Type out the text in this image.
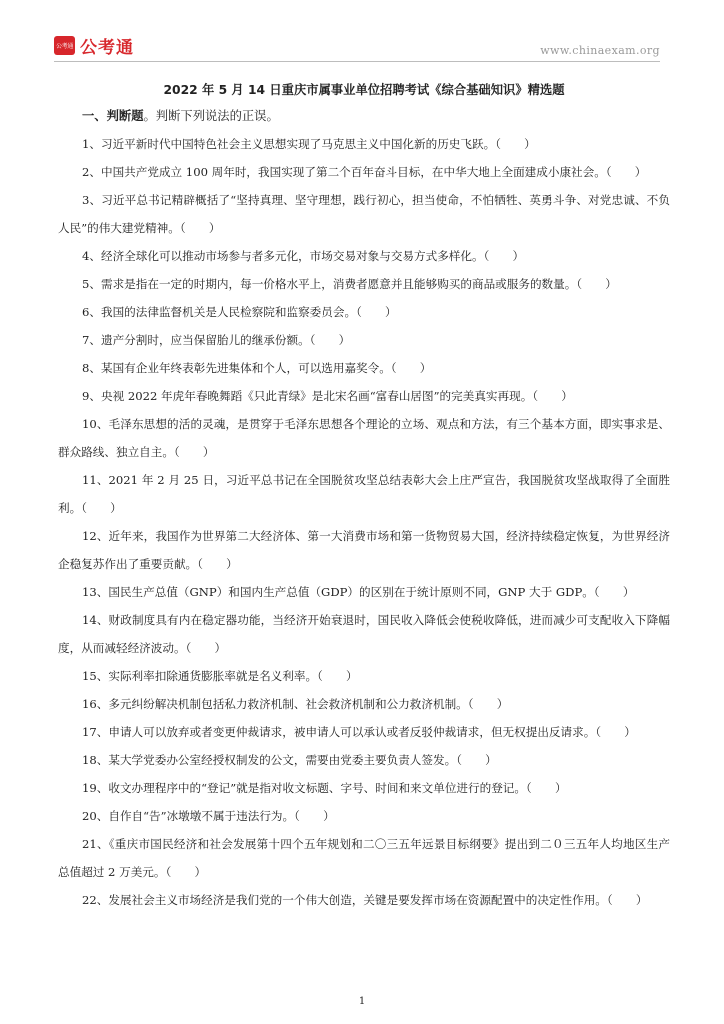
公考通 公考通	www.chinaexam.org
2022 年 5 月 14 日重庆市属事业单位招聘考试《综合基础知识》精选题
一、判断题。判断下列说法的正误。

1、习近平新时代中国特色社会主义思想实现了马克思主义中国化新的历史飞跃。（　　）

2、中国共产党成立 100 周年时，我国实现了第二个百年奋斗目标，在中华大地上全面建成小康社会。（　　）

3、习近平总书记精辟概括了“坚持真理、坚守理想，践行初心，担当使命，不怕牺牲、英勇斗争、对党忠诚、不负人民”的伟大建党精神。（　　）

4、经济全球化可以推动市场参与者多元化，市场交易对象与交易方式多样化。（　　）

5、需求是指在一定的时期内，每一价格水平上，消费者愿意并且能够购买的商品或服务的数量。（　　）

6、我国的法律监督机关是人民检察院和监察委员会。（　　）

7、遗产分割时，应当保留胎儿的继承份额。（　　）

8、某国有企业年终表彰先进集体和个人，可以选用嘉奖令。（　　）

9、央视 2022 年虎年春晚舞蹈《只此青绿》是北宋名画“富春山居图”的完美真实再现。（　　）

10、毛泽东思想的活的灵魂，是贯穿于毛泽东思想各个理论的立场、观点和方法，有三个基本方面，即实事求是、群众路线、独立自主。（　　）

11、2021 年 2 月 25 日，习近平总书记在全国脱贫攻坚总结表彰大会上庄严宣告，我国脱贫攻坚战取得了全面胜利。（　　）

12、近年来，我国作为世界第二大经济体、第一大消费市场和第一货物贸易大国，经济持续稳定恢复，为世界经济企稳复苏作出了重要贡献。（　　）

13、国民生产总值（GNP）和国内生产总值（GDP）的区别在于统计原则不同，GNP 大于 GDP。（　　）

14、财政制度具有内在稳定器功能，当经济开始衰退时，国民收入降低会使税收降低，进而减少可支配收入下降幅度，从而减轻经济波动。（　　）

15、实际利率扣除通货膨胀率就是名义利率。（　　）

16、多元纠纷解决机制包括私力救济机制、社会救济机制和公力救济机制。（　　）

17、申请人可以放弃或者变更仲裁请求，被申请人可以承认或者反驳仲裁请求，但无权提出反请求。（　　）

18、某大学党委办公室经授权制发的公文，需要由党委主要负责人签发。（　　）

19、收文办理程序中的“登记”就是指对收文标题、字号、时间和来文单位进行的登记。（　　）

20、自作自“告”冰墩墩不属于违法行为。（　　）

21、《重庆市国民经济和社会发展第十四个五年规划和二〇三五年远景目标纲要》提出到二０三五年人均地区生产总值超过 2 万美元。（　　）

22、发展社会主义市场经济是我们党的一个伟大创造，关键是要发挥市场在资源配置中的决定性作用。（　　）

1
